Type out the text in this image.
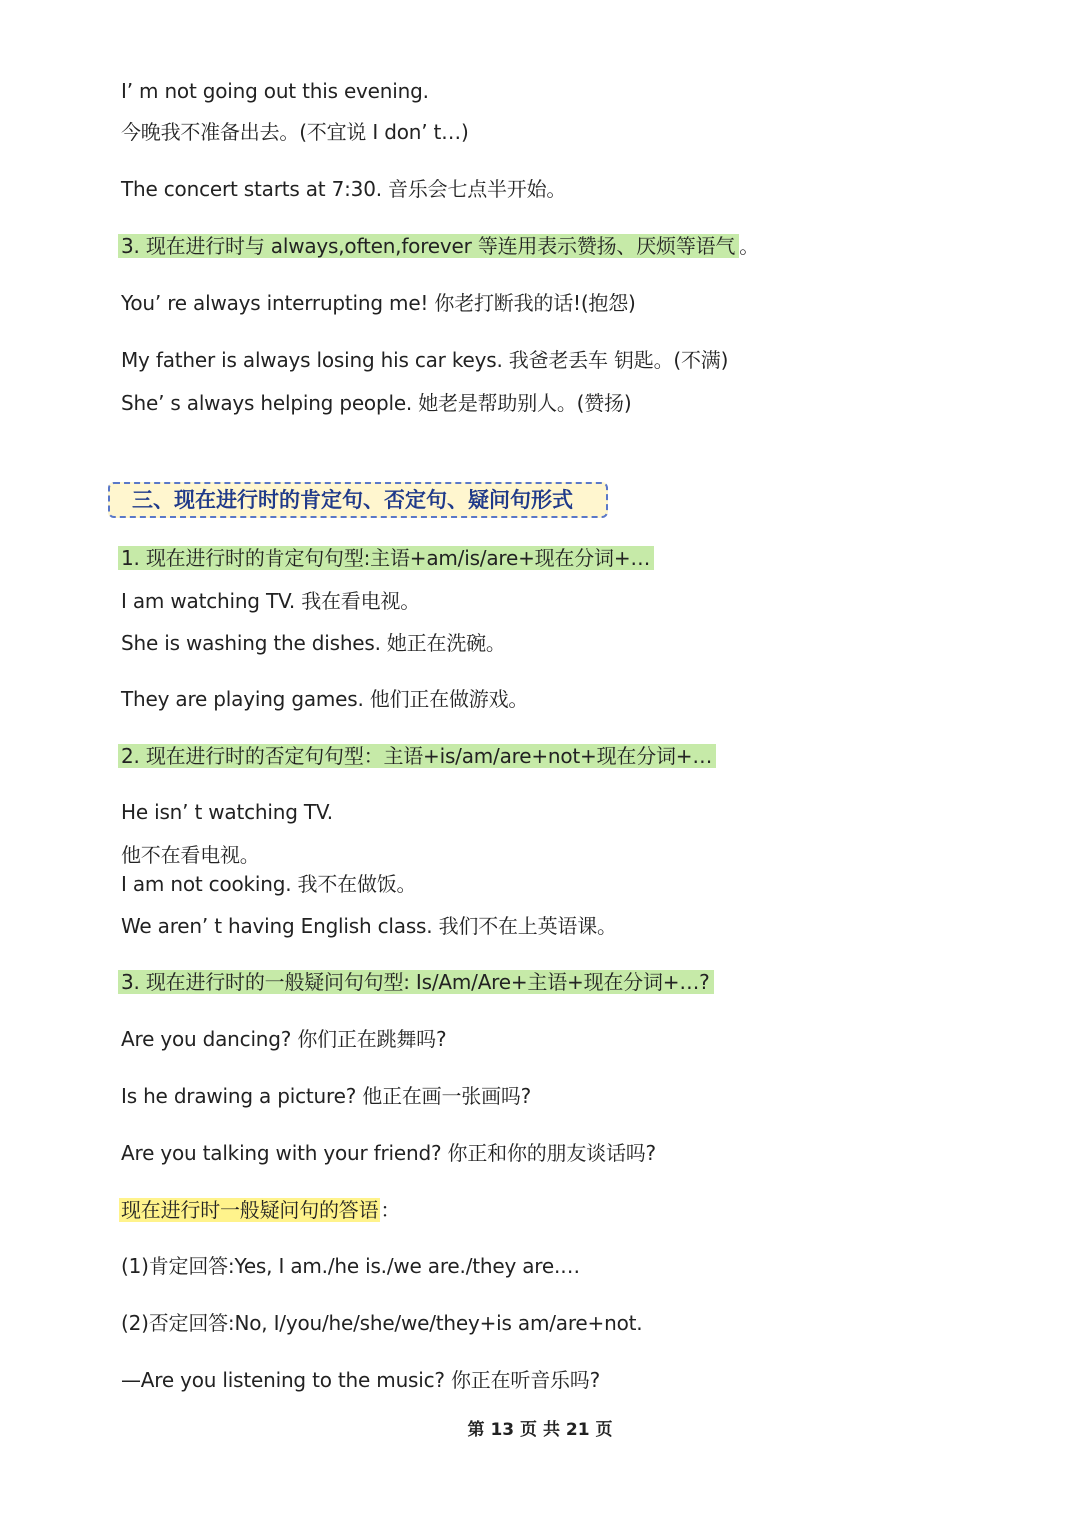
I’ m not going out this evening.
今晚我不准备出去。(不宜说 I don’ t…)
The concert starts at 7:30. 音乐会七点半开始。
3. 现在进行时与 always,often,forever 等连用表示赞扬、厌烦等语气 。
You’ re always interrupting me! 你老打断我的话!(抱怨)
My father is always losing his car keys. 我爸老丢车 钥匙。(不满)
She’ s always helping people. 她老是帮助别人。(赞扬)
三、现在进行时的肯定句、否定句、疑问句形式
1. 现在进行时的肯定句句型:主语+am/is/are+现在分词+…
I am watching TV. 我在看电视。
She is washing the dishes. 她正在洗碗。
They are playing games. 他们正在做游戏。
2. 现在进行时的否定句句型：主语+is/am/are+not+现在分词+…
He isn’ t watching TV.
他不在看电视。
I am not cooking. 我不在做饭。
We aren’ t having English class. 我们不在上英语课。
3. 现在进行时的一般疑问句句型: Is/Am/Are+主语+现在分词+…?
Are you dancing? 你们正在跳舞吗?
Is he drawing a picture? 他正在画一张画吗?
Are you talking with your friend? 你正和你的朋友谈话吗?
现在进行时一般疑问句的答语 ：
(1)肯定回答:Yes, I am./he is./we are./they are.…
(2)否定回答:No, I/you/he/she/we/they+is am/are+not.
—Are you listening to the music? 你正在听音乐吗?
第 13 页 共 21 页
